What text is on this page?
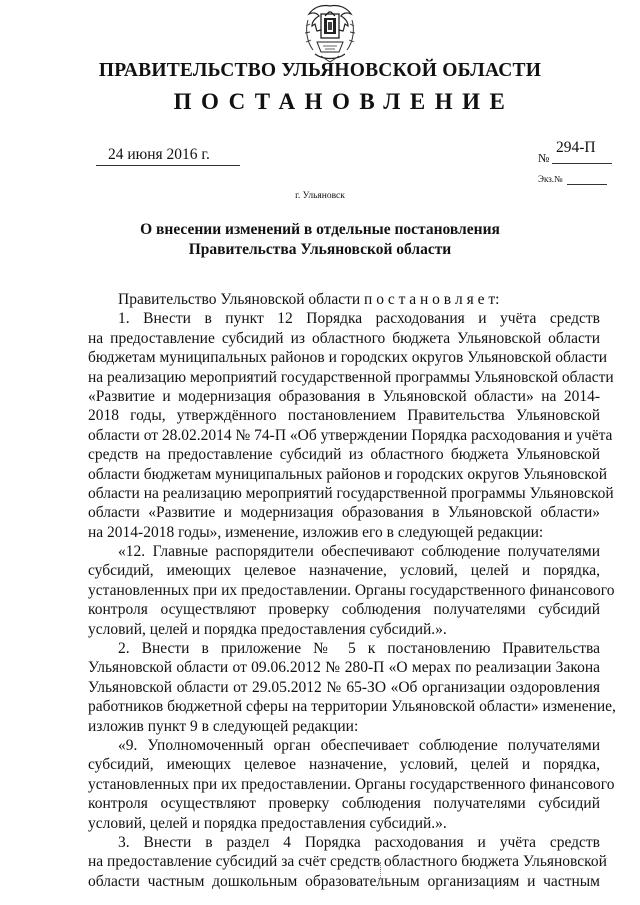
ПРАВИТЕЛЬСТВО УЛЬЯНОВСКОЙ ОБЛАСТИ
ПОСТАНОВЛЕНИЕ
24 июня 2016 г.	294-П
№
Экз.№
г. Ульяновск
О внесении изменений в отдельные постановления
Правительства Ульяновской области
Правительство Ульяновской области п о с т а н о в л я е т:
1. Внести в пункт 12 Порядка расходования и учёта средств
на предоставление субсидий из областного бюджета Ульяновской области
бюджетам муниципальных районов и городских округов Ульяновской области
на реализацию мероприятий государственной программы Ульяновской области
«Развитие и модернизация образования в Ульяновской области» на 2014-
2018 годы, утверждённого постановлением Правительства Ульяновской
области от 28.02.2014 № 74-П «Об утверждении Порядка расходования и учёта
средств на предоставление субсидий из областного бюджета Ульяновской
области бюджетам муниципальных районов и городских округов Ульяновской
области на реализацию мероприятий государственной программы Ульяновской
области «Развитие и модернизация образования в Ульяновской области»
на 2014-2018 годы», изменение, изложив его в следующей редакции:
«12. Главные распорядители обеспечивают соблюдение получателями
субсидий, имеющих целевое назначение, условий, целей и порядка,
установленных при их предоставлении. Органы государственного финансового
контроля осуществляют проверку соблюдения получателями субсидий
условий, целей и порядка предоставления субсидий.».
2. Внести в приложение № 5 к постановлению Правительства
Ульяновской области от 09.06.2012 № 280-П «О мерах по реализации Закона
Ульяновской области от 29.05.2012 № 65-ЗО «Об организации оздоровления
работников бюджетной сферы на территории Ульяновской области» изменение,
изложив пункт 9 в следующей редакции:
«9. Уполномоченный орган обеспечивает соблюдение получателями
субсидий, имеющих целевое назначение, условий, целей и порядка,
установленных при их предоставлении. Органы государственного финансового
контроля осуществляют проверку соблюдения получателями субсидий
условий, целей и порядка предоставления субсидий.».
3. Внести в раздел 4 Порядка расходования и учёта средств
на предоставление субсидий за счёт средств областного бюджета Ульяновской
области частным дошкольным образовательным организациям и частным
